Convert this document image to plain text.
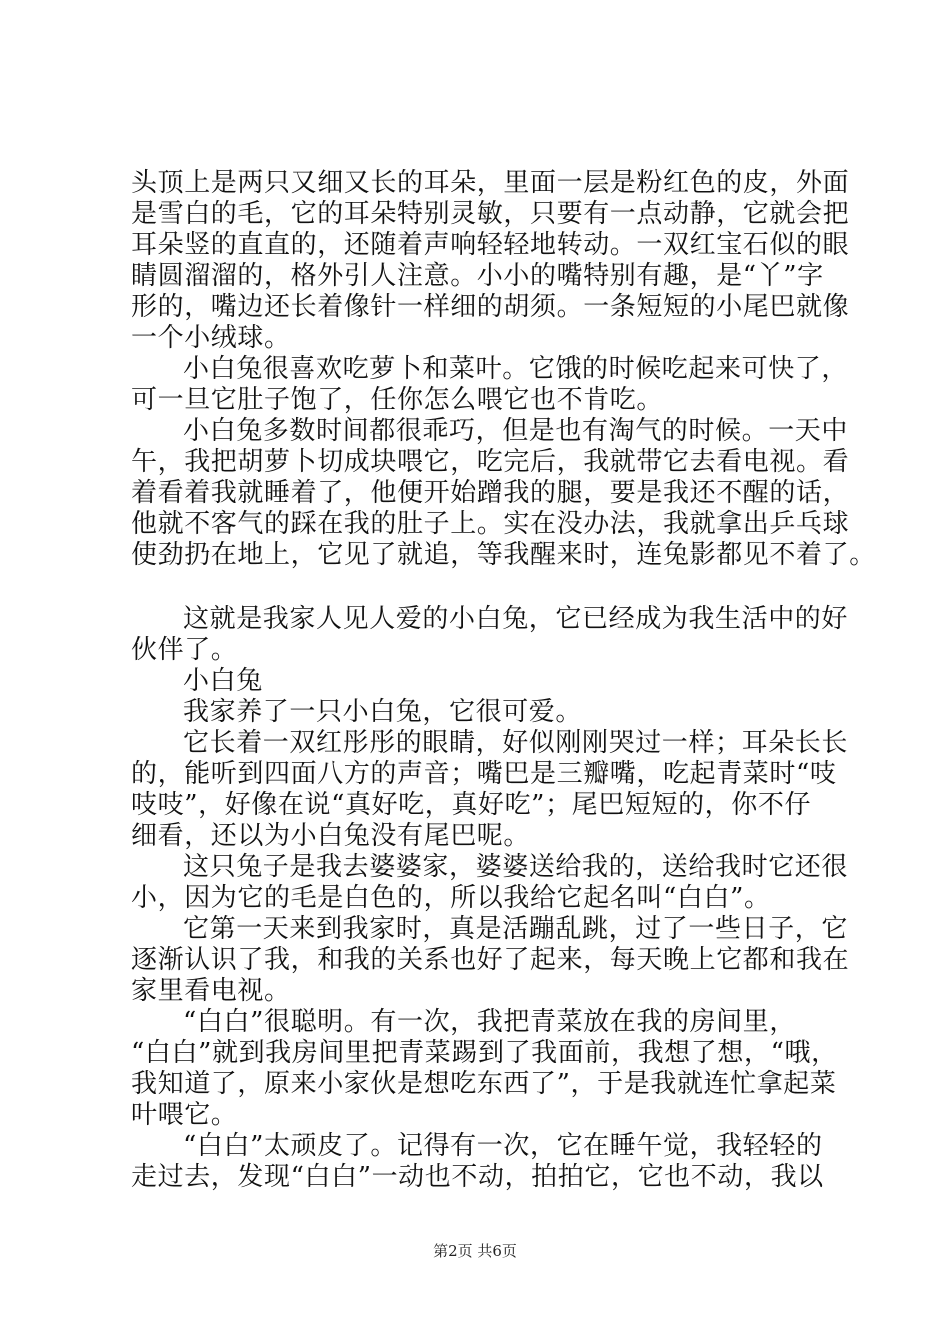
头顶上是两只又细又长的耳朵，里面一层是粉红色的皮，外面
是雪白的毛，它的耳朵特别灵敏，只要有一点动静，它就会把
耳朵竖的直直的，还随着声响轻轻地转动。一双红宝石似的眼
睛圆溜溜的，格外引人注意。小小的嘴特别有趣，是“丫”字
形的，嘴边还长着像针一样细的胡须。一条短短的小尾巴就像
一个小绒球。
小白兔很喜欢吃萝卜和菜叶。它饿的时候吃起来可快了，
可一旦它肚子饱了，任你怎么喂它也不肯吃。
小白兔多数时间都很乖巧，但是也有淘气的时候。一天中
午，我把胡萝卜切成块喂它，吃完后，我就带它去看电视。看
着看着我就睡着了，他便开始蹭我的腿，要是我还不醒的话，
他就不客气的踩在我的肚子上。实在没办法，我就拿出乒乓球
使劲扔在地上，它见了就追，等我醒来时，连兔影都见不着了。
这就是我家人见人爱的小白兔，它已经成为我生活中的好
伙伴了。
小白兔
我家养了一只小白兔，它很可爱。
它长着一双红彤彤的眼睛，好似刚刚哭过一样；耳朵长长
的，能听到四面八方的声音；嘴巴是三瓣嘴，吃起青菜时“吱
吱吱”，好像在说“真好吃，真好吃”；尾巴短短的，你不仔
细看，还以为小白兔没有尾巴呢。
这只兔子是我去婆婆家，婆婆送给我的，送给我时它还很
小，因为它的毛是白色的，所以我给它起名叫“白白”。
它第一天来到我家时，真是活蹦乱跳，过了一些日子，它
逐渐认识了我，和我的关系也好了起来，每天晚上它都和我在
家里看电视。
“白白”很聪明。有一次，我把青菜放在我的房间里，
“白白”就到我房间里把青菜踢到了我面前，我想了想，“哦，
我知道了，原来小家伙是想吃东西了”，于是我就连忙拿起菜
叶喂它。
“白白”太顽皮了。记得有一次，它在睡午觉，我轻轻的
走过去，发现“白白”一动也不动，拍拍它，它也不动，我以
第2页 共6页
